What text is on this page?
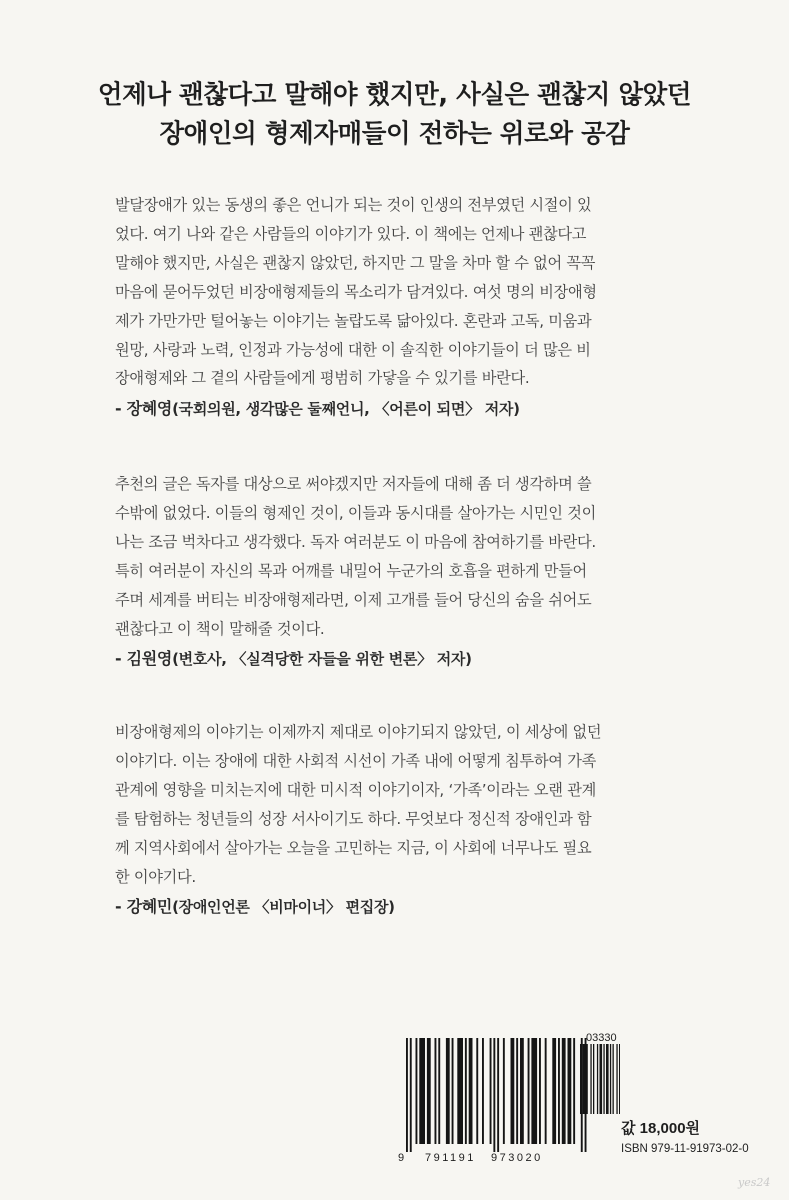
언제나 괜찮다고 말해야 했지만, 사실은 괜찮지 않았던
장애인의 형제자매들이 전하는 위로와 공감
발달장애가 있는 동생의 좋은 언니가 되는 것이 인생의 전부였던 시절이 있
었다. 여기 나와 같은 사람들의 이야기가 있다. 이 책에는 언제나 괜찮다고
말해야 했지만, 사실은 괜찮지 않았던, 하지만 그 말을 차마 할 수 없어 꼭꼭
마음에 묻어두었던 비장애형제들의 목소리가 담겨있다. 여섯 명의 비장애형
제가 가만가만 털어놓는 이야기는 놀랍도록 닮아있다. 혼란과 고독, 미움과
원망, 사랑과 노력, 인정과 가능성에 대한 이 솔직한 이야기들이 더 많은 비
장애형제와 그 곁의 사람들에게 평범히 가닿을 수 있기를 바란다.
- 장혜영(국회의원, 생각많은 둘째언니, 〈어른이 되면〉 저자)
추천의 글은 독자를 대상으로 써야겠지만 저자들에 대해 좀 더 생각하며 쓸
수밖에 없었다. 이들의 형제인 것이, 이들과 동시대를 살아가는 시민인 것이
나는 조금 벅차다고 생각했다. 독자 여러분도 이 마음에 참여하기를 바란다.
특히 여러분이 자신의 목과 어깨를 내밀어 누군가의 호흡을 편하게 만들어
주며 세계를 버티는 비장애형제라면, 이제 고개를 들어 당신의 숨을 쉬어도
괜찮다고 이 책이 말해줄 것이다.
- 김원영(변호사, 〈실격당한 자들을 위한 변론〉 저자)
비장애형제의 이야기는 이제까지 제대로 이야기되지 않았던, 이 세상에 없던
이야기다. 이는 장애에 대한 사회적 시선이 가족 내에 어떻게 침투하여 가족
관계에 영향을 미치는지에 대한 미시적 이야기이자, ‘가족’이라는 오랜 관계
를 탐험하는 청년들의 성장 서사이기도 하다. 무엇보다 정신적 장애인과 함
께 지역사회에서 살아가는 오늘을 고민하는 지금, 이 사회에 너무나도 필요
한 이야기다.
- 강혜민(장애인언론 〈비마이너〉 편집장)
03330
9 791191 973020
값 18,000원
ISBN 979-11-91973-02-0
yes24
